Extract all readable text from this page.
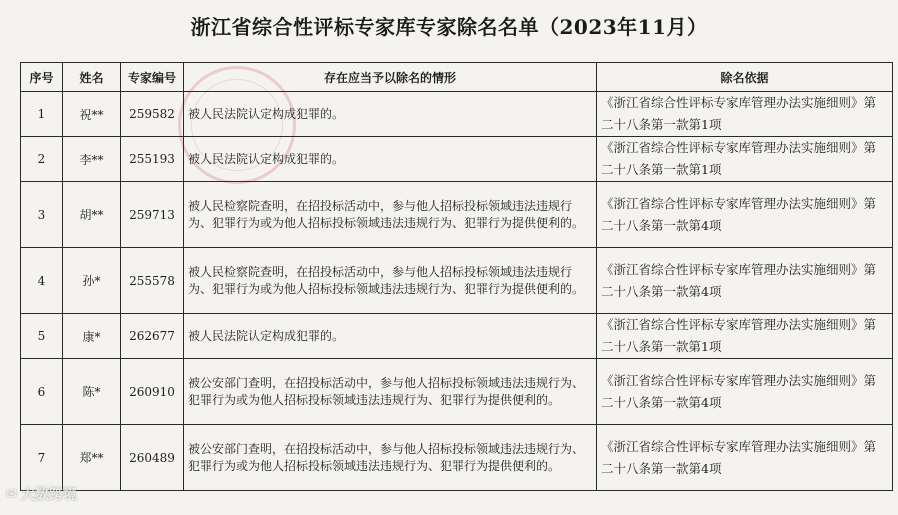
浙江省综合性评标专家库专家除名名单（2023年11月）
序号	姓名	专家编号	存在应当予以除名的情形	除名依据
1	祝**	259582	被人民法院认定构成犯罪的。	《浙江省综合性评标专家库管理办法实施细则》第二十八条第一款第1项
2	李**	255193	被人民法院认定构成犯罪的。	《浙江省综合性评标专家库管理办法实施细则》第二十八条第一款第1项
3	胡**	259713	被人民检察院查明，在招投标活动中，参与他人招标投标领域违法违规行为、犯罪行为或为他人招标投标领域违法违规行为、犯罪行为提供便利的。	《浙江省综合性评标专家库管理办法实施细则》第二十八条第一款第4项
4	孙*	255578	被人民检察院查明，在招投标活动中，参与他人招标投标领域违法违规行为、犯罪行为或为他人招标投标领域违法违规行为、犯罪行为提供便利的。	《浙江省综合性评标专家库管理办法实施细则》第二十八条第一款第4项
5	康*	262677	被人民法院认定构成犯罪的。	《浙江省综合性评标专家库管理办法实施细则》第二十八条第一款第1项
6	陈*	260910	被公安部门查明，在招投标活动中，参与他人招标投标领域违法违规行为、犯罪行为或为他人招标投标领域违法违规行为、犯罪行为提供便利的。	《浙江省综合性评标专家库管理办法实施细则》第二十八条第一款第4项
7	郑**	260489	被公安部门查明，在招投标活动中，参与他人招标投标领域违法违规行为、犯罪行为或为他人招标投标领域违法违规行为、犯罪行为提供便利的。	《浙江省综合性评标专家库管理办法实施细则》第二十八条第一款第4项
✉ 大数跨境
